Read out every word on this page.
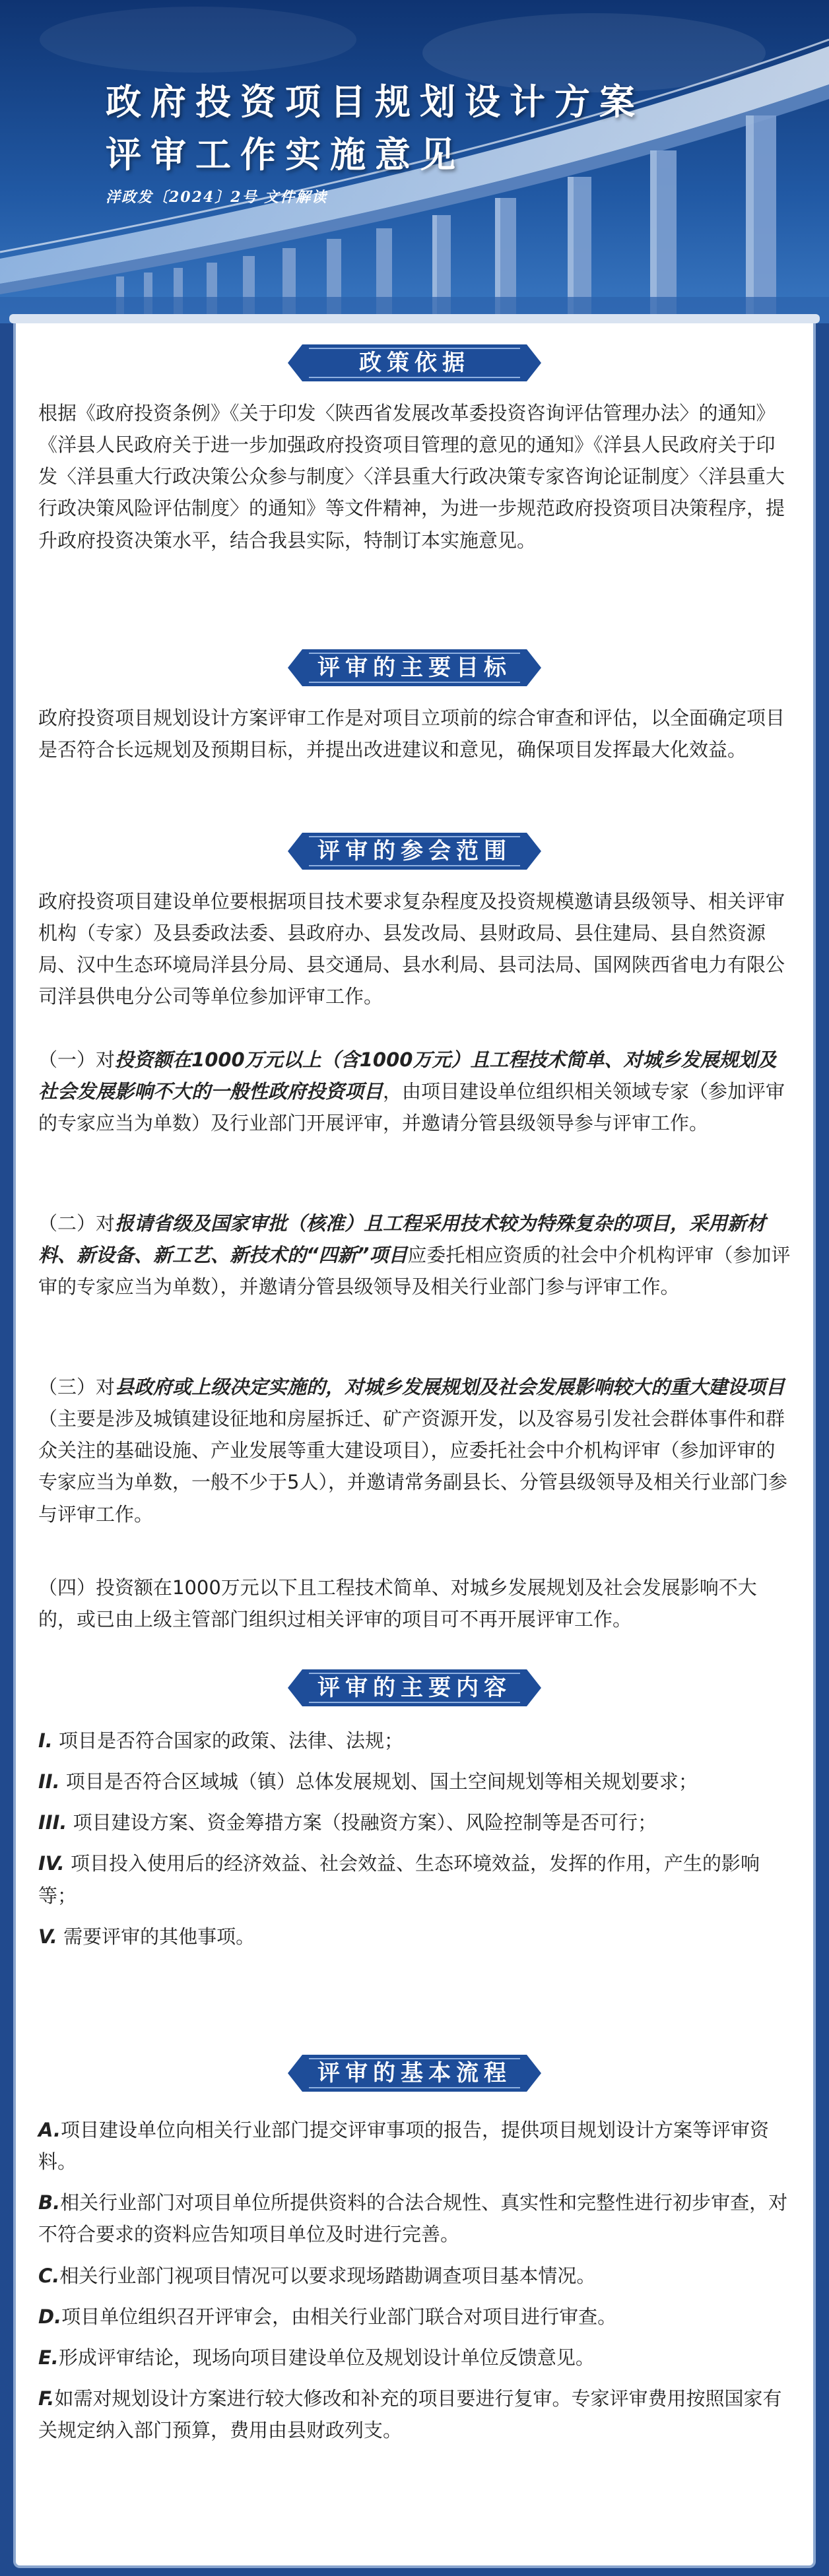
政府投资项目规划设计方案
评审工作实施意见
洋政发〔2024〕2号 文件解读
政策依据
根据《政府投资条例》《关于印发〈陕西省发展改革委投资咨询评估管理办法〉的通知》《洋县人民政府关于进一步加强政府投资项目管理的意见的通知》《洋县人民政府关于印发〈洋县重大行政决策公众参与制度〉〈洋县重大行政决策专家咨询论证制度〉〈洋县重大行政决策风险评估制度〉的通知》等文件精神，为进一步规范政府投资项目决策程序，提升政府投资决策水平，结合我县实际，特制订本实施意见。
评审的主要目标
政府投资项目规划设计方案评审工作是对项目立项前的综合审查和评估，以全面确定项目是否符合长远规划及预期目标，并提出改进建议和意见，确保项目发挥最大化效益。
评审的参会范围
政府投资项目建设单位要根据项目技术要求复杂程度及投资规模邀请县级领导、相关评审机构（专家）及县委政法委、县政府办、县发改局、县财政局、县住建局、县自然资源局、汉中生态环境局洋县分局、县交通局、县水利局、县司法局、国网陕西省电力有限公司洋县供电分公司等单位参加评审工作。
（一）对投资额在1000万元以上（含1000万元）且工程技术简单、对城乡发展规划及社会发展影响不大的一般性政府投资项目，由项目建设单位组织相关领域专家（参加评审的专家应当为单数）及行业部门开展评审，并邀请分管县级领导参与评审工作。
（二）对报请省级及国家审批（核准）且工程采用技术较为特殊复杂的项目，采用新材料、新设备、新工艺、新技术的“四新”项目应委托相应资质的社会中介机构评审（参加评审的专家应当为单数），并邀请分管县级领导及相关行业部门参与评审工作。
（三）对县政府或上级决定实施的，对城乡发展规划及社会发展影响较大的重大建设项目（主要是涉及城镇建设征地和房屋拆迁、矿产资源开发，以及容易引发社会群体事件和群众关注的基础设施、产业发展等重大建设项目），应委托社会中介机构评审（参加评审的专家应当为单数，一般不少于5人），并邀请常务副县长、分管县级领导及相关行业部门参与评审工作。
（四）投资额在1000万元以下且工程技术简单、对城乡发展规划及社会发展影响不大的，或已由上级主管部门组织过相关评审的项目可不再开展评审工作。
评审的主要内容
I. 项目是否符合国家的政策、法律、法规；
II. 项目是否符合区域城（镇）总体发展规划、国土空间规划等相关规划要求；
III. 项目建设方案、资金筹措方案（投融资方案）、风险控制等是否可行；
IV. 项目投入使用后的经济效益、社会效益、生态环境效益，发挥的作用，产生的影响等；
V. 需要评审的其他事项。
评审的基本流程
A.项目建设单位向相关行业部门提交评审事项的报告，提供项目规划设计方案等评审资料。
B.相关行业部门对项目单位所提供资料的合法合规性、真实性和完整性进行初步审查，对不符合要求的资料应告知项目单位及时进行完善。
C.相关行业部门视项目情况可以要求现场踏勘调查项目基本情况。
D.项目单位组织召开评审会，由相关行业部门联合对项目进行审查。
E.形成评审结论，现场向项目建设单位及规划设计单位反馈意见。
F.如需对规划设计方案进行较大修改和补充的项目要进行复审。专家评审费用按照国家有关规定纳入部门预算，费用由县财政列支。
